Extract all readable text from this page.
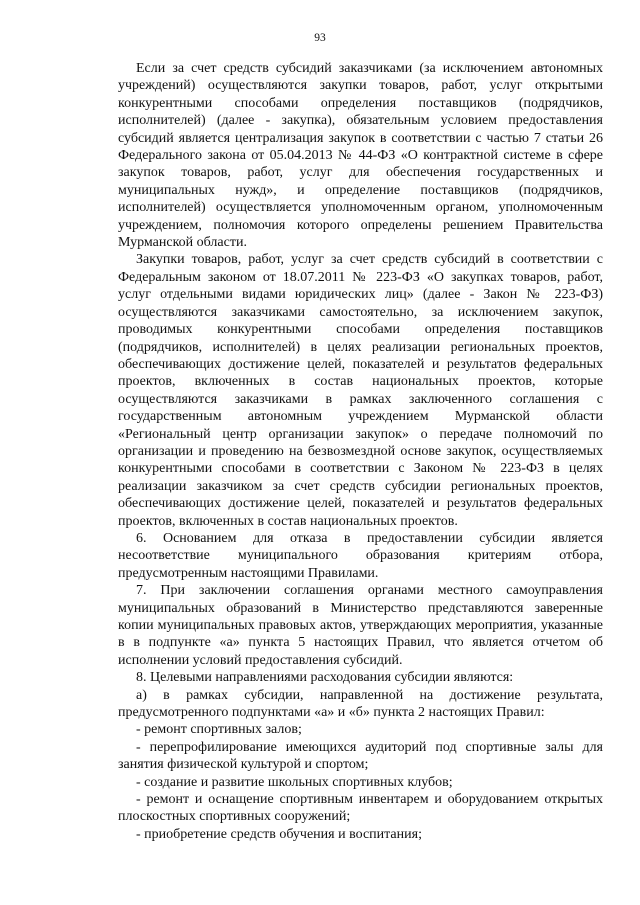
93

Если за счет средств субсидий заказчиками (за исключением автономных учреждений) осуществляются закупки товаров, работ, услуг открытыми конкурентными способами определения поставщиков (подрядчиков, исполнителей) (далее - закупка), обязательным условием предоставления субсидий является централизация закупок в соответствии с частью 7 статьи 26 Федерального закона от 05.04.2013 № 44-ФЗ «О контрактной системе в сфере закупок товаров, работ, услуг для обеспечения государственных и муниципальных нужд», и определение поставщиков (подрядчиков, исполнителей) осуществляется уполномоченным органом, уполномоченным учреждением, полномочия которого определены решением Правительства Мурманской области.

Закупки товаров, работ, услуг за счет средств субсидий в соответствии с Федеральным законом от 18.07.2011 № 223-ФЗ «О закупках товаров, работ, услуг отдельными видами юридических лиц» (далее - Закон № 223-ФЗ) осуществляются заказчиками самостоятельно, за исключением закупок, проводимых конкурентными способами определения поставщиков (подрядчиков, исполнителей) в целях реализации региональных проектов, обеспечивающих достижение целей, показателей и результатов федеральных проектов, включенных в состав национальных проектов, которые осуществляются заказчиками в рамках заключенного соглашения с государственным автономным учреждением Мурманской области «Региональный центр организации закупок» о передаче полномочий по организации и проведению на безвозмездной основе закупок, осуществляемых конкурентными способами в соответствии с Законом № 223-ФЗ в целях реализации заказчиком за счет средств субсидии региональных проектов, обеспечивающих достижение целей, показателей и результатов федеральных проектов, включенных в состав национальных проектов.

6. Основанием для отказа в предоставлении субсидии является несоответствие муниципального образования критериям отбора, предусмотренным настоящими Правилами.

7. При заключении соглашения органами местного самоуправления муниципальных образований в Министерство представляются заверенные копии муниципальных правовых актов, утверждающих мероприятия, указанные в в подпункте «а» пункта 5 настоящих Правил, что является отчетом об исполнении условий предоставления субсидий.

8. Целевыми направлениями расходования субсидии являются:

а) в рамках субсидии, направленной на достижение результата, предусмотренного подпунктами «а» и «б» пункта 2 настоящих Правил:

- ремонт спортивных залов;

- перепрофилирование имеющихся аудиторий под спортивные залы для занятия физической культурой и спортом;

- создание и развитие школьных спортивных клубов;

- ремонт и оснащение спортивным инвентарем и оборудованием открытых плоскостных спортивных сооружений;

- приобретение средств обучения и воспитания;
